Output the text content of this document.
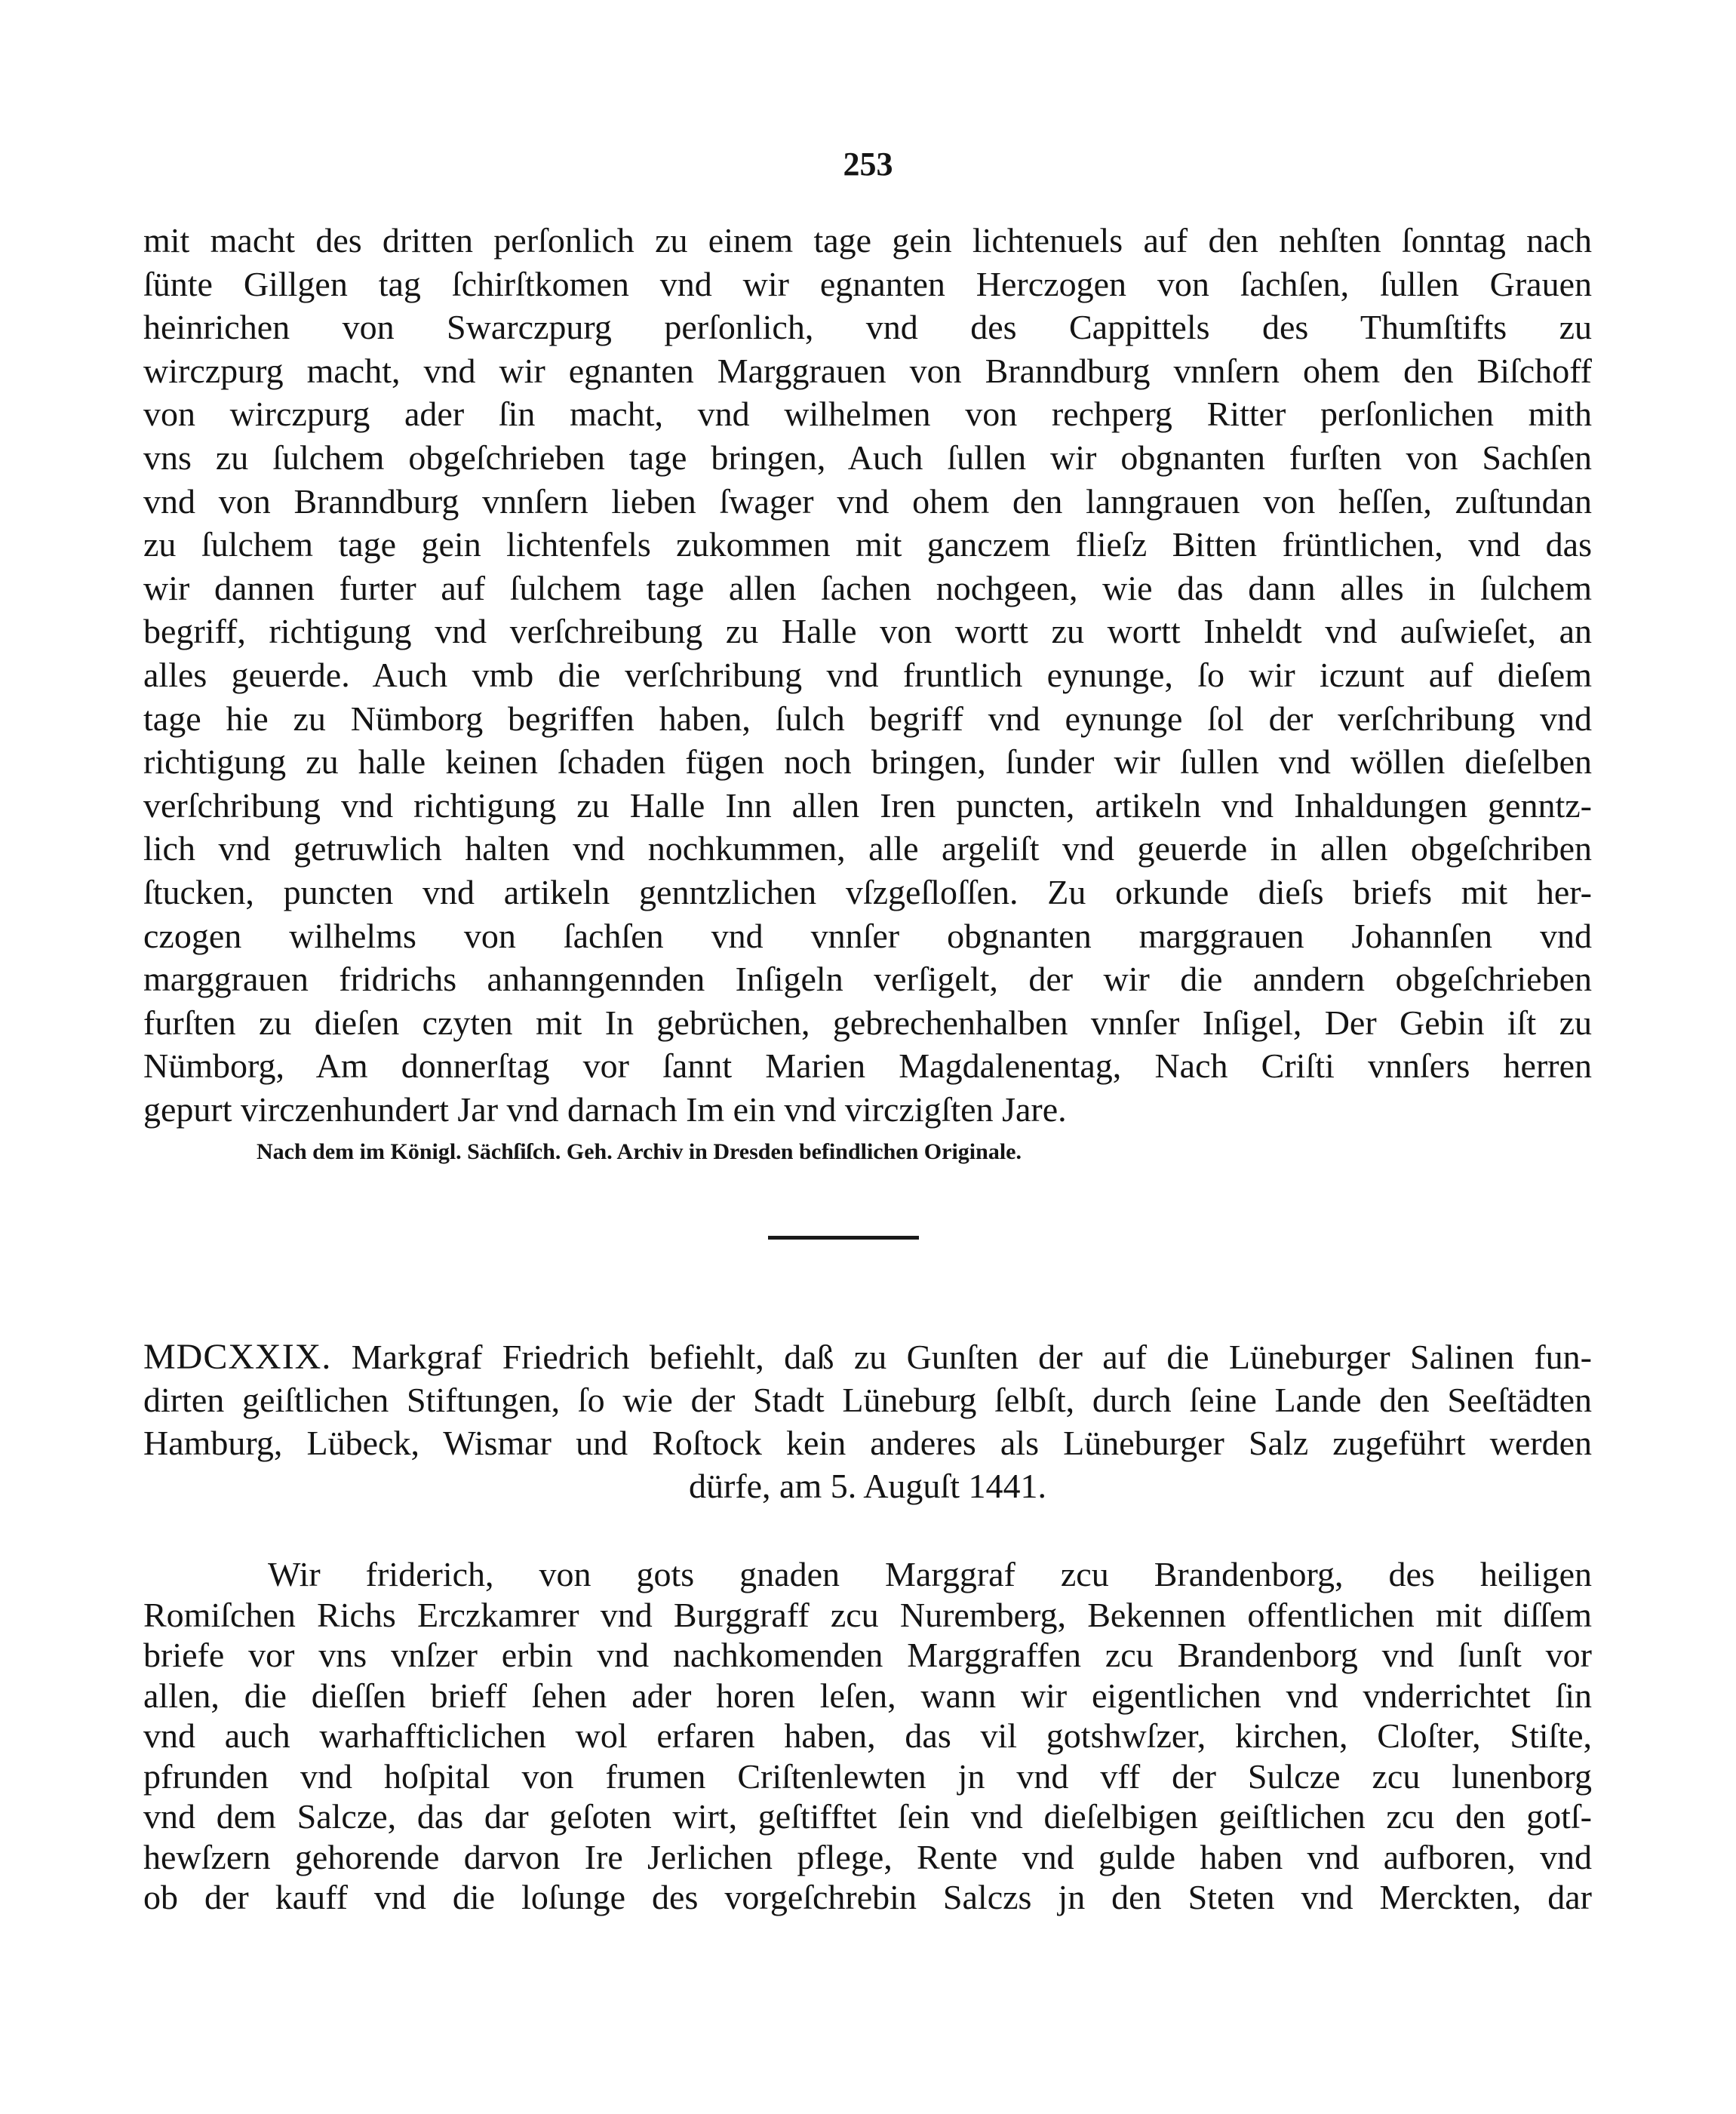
253
mit macht des dritten perſonlich zu einem tage gein lichtenuels auf den nehſten ſonntag nach
ſünte Gillgen tag ſchirſtkomen vnd wir egnanten Herczogen von ſachſen, ſullen Grauen
heinrichen von Swarczpurg perſonlich, vnd des Cappittels des Thumſtifts zu
wirczpurg macht, vnd wir egnanten Marggrauen von Branndburg vnnſern ohem den Biſchoff
von wirczpurg ader ſin macht, vnd wilhelmen von rechperg Ritter perſonlichen mith
vns zu ſulchem obgeſchrieben tage bringen, Auch ſullen wir obgnanten furſten von Sachſen
vnd von Branndburg vnnſern lieben ſwager vnd ohem den lanngrauen von heſſen, zuſtundan
zu ſulchem tage gein lichtenfels zukommen mit ganczem flieſz Bitten früntlichen, vnd das
wir dannen furter auf ſulchem tage allen ſachen nochgeen, wie das dann alles in ſulchem
begriff, richtigung vnd verſchreibung zu Halle von wortt zu wortt Inheldt vnd auſwieſet, an
alles geuerde. Auch vmb die verſchribung vnd fruntlich eynunge, ſo wir iczunt auf dieſem
tage hie zu Nümborg begriffen haben, ſulch begriff vnd eynunge ſol der verſchribung vnd
richtigung zu halle keinen ſchaden fügen noch bringen, ſunder wir ſullen vnd wöllen dieſelben
verſchribung vnd richtigung zu Halle Inn allen Iren puncten, artikeln vnd Inhaldungen genntz-
lich vnd getruwlich halten vnd nochkummen, alle argeliſt vnd geuerde in allen obgeſchriben
ſtucken, puncten vnd artikeln genntzlichen vſzgeſloſſen. Zu orkunde dieſs briefs mit her-
czogen wilhelms von ſachſen vnd vnnſer obgnanten marggrauen Johannſen vnd
marggrauen fridrichs anhanngennden Inſigeln verſigelt, der wir die anndern obgeſchrieben
furſten zu dieſen czyten mit In gebrüchen, gebrechenhalben vnnſer Inſigel, Der Gebin iſt zu
Nümborg, Am donnerſtag vor ſannt Marien Magdalenentag, Nach Criſti vnnſers herren
gepurt virczenhundert Jar vnd darnach Im ein vnd virczigſten Jare.
Nach dem im Königl. Sächſiſch. Geh. Archiv in Dresden befindlichen Originale.
MDCXXIX. Markgraf Friedrich befiehlt, daß zu Gunſten der auf die Lüneburger Salinen fun-
dirten geiſtlichen Stiftungen, ſo wie der Stadt Lüneburg ſelbſt, durch ſeine Lande den Seeſtädten
Hamburg, Lübeck, Wismar und Roſtock kein anderes als Lüneburger Salz zugeführt werden
dürfe, am 5. Auguſt 1441.
Wir friderich, von gots gnaden Marggraf zcu Brandenborg, des heiligen
Romiſchen Richs Erczkamrer vnd Burggraff zcu Nuremberg, Bekennen offentlichen mit diſſem
briefe vor vns vnſzer erbin vnd nachkomenden Marggraffen zcu Brandenborg vnd ſunſt vor
allen, die dieſſen brieff ſehen ader horen leſen, wann wir eigentlichen vnd vnderrichtet ſin
vnd auch warhaffticlichen wol erfaren haben, das vil gotshwſzer, kirchen, Cloſter, Stiſte,
pfrunden vnd hoſpital von frumen Criſtenlewten jn vnd vff der Sulcze zcu lunenborg
vnd dem Salcze, das dar geſoten wirt, geſtifftet ſein vnd dieſelbigen geiſtlichen zcu den gotſ-
hewſzern gehorende darvon Ire Jerlichen pflege, Rente vnd gulde haben vnd aufboren, vnd
ob der kauff vnd die loſunge des vorgeſchrebin Salczs jn den Steten vnd Merckten, dar
